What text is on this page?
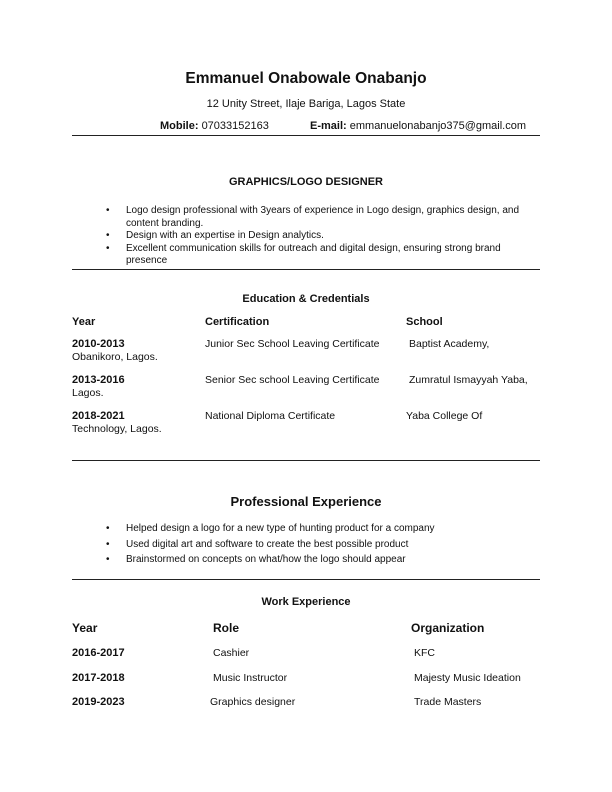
Emmanuel Onabowale Onabanjo
12 Unity Street, Ilaje Bariga, Lagos State
Mobile: 07033152163	E-mail: emmanuelonabanjo375@gmail.com
GRAPHICS/LOGO DESIGNER
• Logo design professional with 3years of experience in Logo design, graphics design, and content branding.
• Design with an expertise in Design analytics.
• Excellent communication skills for outreach and digital design, ensuring strong brand presence
Education & Credentials
Year	Certification	School
2010-2013	Junior Sec School Leaving Certificate	Baptist Academy,
Obanikoro, Lagos.
2013-2016	Senior Sec school Leaving Certificate	Zumratul Ismayyah Yaba,
Lagos.
2018-2021	National Diploma Certificate	Yaba College Of
Technology, Lagos.
Professional Experience
• Helped design a logo for a new type of hunting product for a company
• Used digital art and software to create the best possible product
• Brainstormed on concepts on what/how the logo should appear
Work Experience
Year	Role	Organization
2016-2017	Cashier	KFC
2017-2018	Music Instructor	Majesty Music Ideation
2019-2023	Graphics designer	Trade Masters
